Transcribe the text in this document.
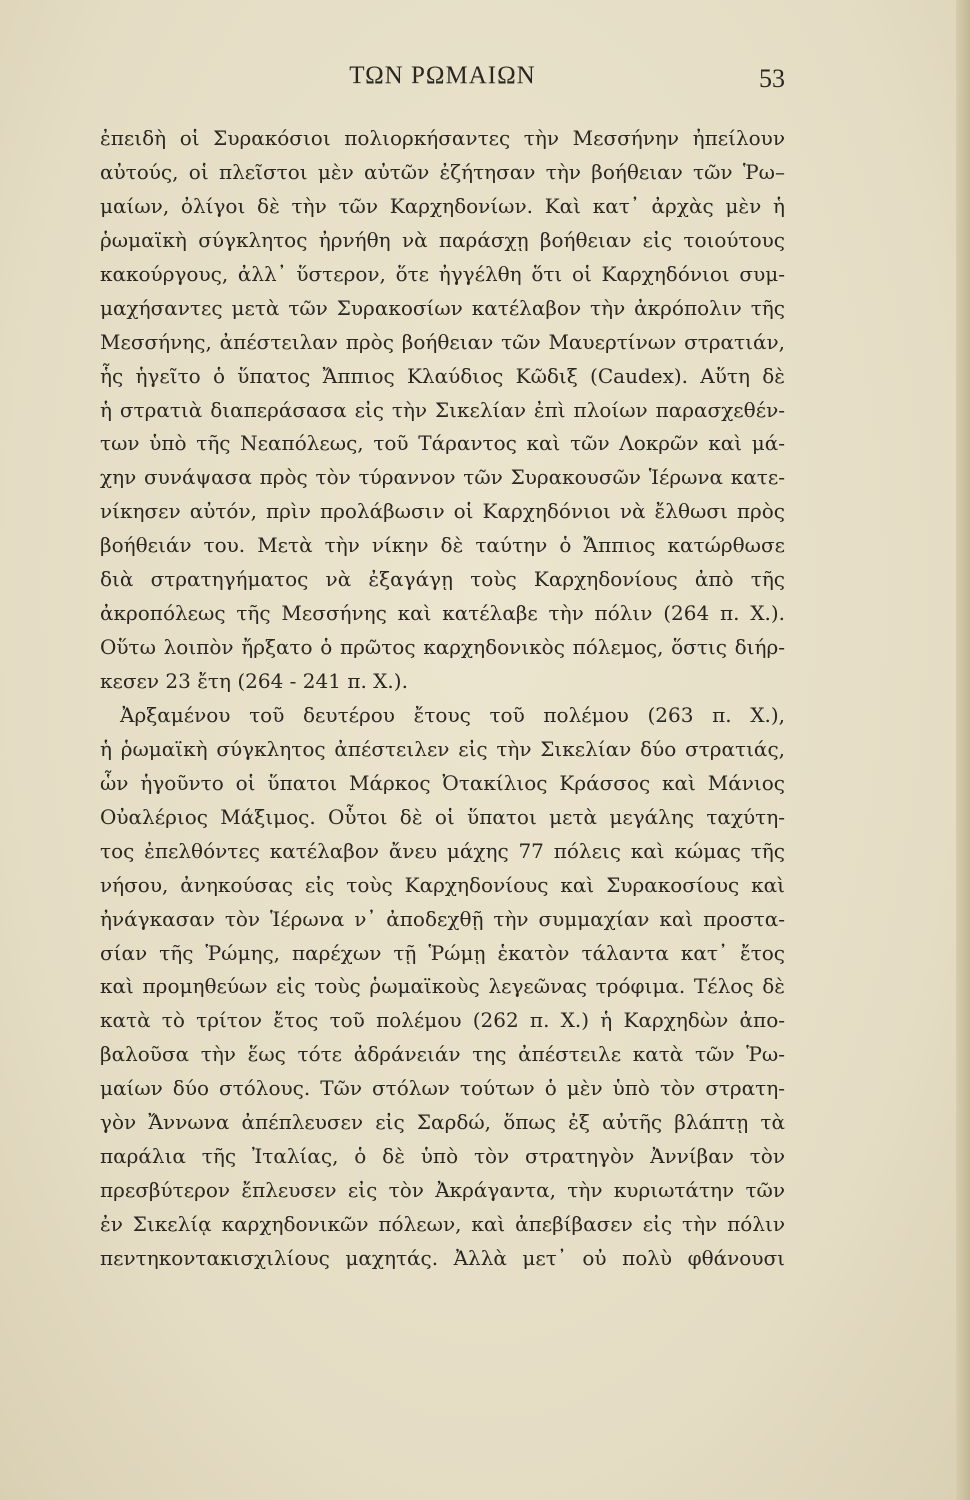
ΤΩΝ ΡΩΜΑΙΩΝ	53
ἐπειδὴ οἱ Συρακόσιοι πολιορκήσαντες τὴν Μεσσήνην ἠπείλουν
αὐτούς, οἱ πλεῖστοι μὲν αὐτῶν ἐζήτησαν τὴν βοήθειαν τῶν Ῥω–
μαίων, ὀλίγοι δὲ τὴν τῶν Καρχηδονίων. Καὶ κατ᾽ ἀρχὰς μὲν ἡ
ῥωμαϊκὴ σύγκλητος ἠρνήθη νὰ παράσχῃ βοήθειαν εἰς τοιούτους
κακούργους, ἀλλ᾽ ὕστερον, ὅτε ἠγγέλθη ὅτι οἱ Καρχηδόνιοι συμ-
μαχήσαντες μετὰ τῶν Συρακοσίων κατέλαβον τὴν ἀκρόπολιν τῆς
Μεσσήνης, ἀπέστειλαν πρὸς βοήθειαν τῶν Μαυερτίνων στρατιάν,
ἧς ἡγεῖτο ὁ ὕπατος Ἄππιος Κλαύδιος Κῶδιξ (Caudex). Αὕτη δὲ
ἡ στρατιὰ διαπεράσασα εἰς τὴν Σικελίαν ἐπὶ πλοίων παρασχεθέν-
των ὑπὸ τῆς Νεαπόλεως, τοῦ Τάραντος καὶ τῶν Λοκρῶν καὶ μά-
χην συνάψασα πρὸς τὸν τύραννον τῶν Συρακουσῶν Ἱέρωνα κατε-
νίκησεν αὐτόν, πρὶν προλάβωσιν οἱ Καρχηδόνιοι νὰ ἔλθωσι πρὸς
βοήθειάν του. Μετὰ τὴν νίκην δὲ ταύτην ὁ Ἄππιος κατώρθωσε
διὰ στρατηγήματος νὰ ἐξαγάγῃ τοὺς Καρχηδονίους ἀπὸ τῆς
ἀκροπόλεως τῆς Μεσσήνης καὶ κατέλαβε τὴν πόλιν (264 π. Χ.).
Οὕτω λοιπὸν ἤρξατο ὁ πρῶτος καρχηδονικὸς πόλεμος, ὅστις διήρ-
κεσεν 23 ἔτη (264 - 241 π. Χ.).
Ἀρξαμένου τοῦ δευτέρου ἔτους τοῦ πολέμου (263 π. Χ.),
ἡ ῥωμαϊκὴ σύγκλητος ἀπέστειλεν εἰς τὴν Σικελίαν δύο στρατιάς,
ὧν ἡγοῦντο οἱ ὕπατοι Μάρκος Ὀτακίλιος Κράσσος καὶ Μάνιος
Οὐαλέριος Μάξιμος. Οὗτοι δὲ οἱ ὕπατοι μετὰ μεγάλης ταχύτη-
τος ἐπελθόντες κατέλαβον ἄνευ μάχης 77 πόλεις καὶ κώμας τῆς
νήσου, ἀνηκούσας εἰς τοὺς Καρχηδονίους καὶ Συρακοσίους καὶ
ἠνάγκασαν τὸν Ἱέρωνα ν᾽ ἀποδεχθῇ τὴν συμμαχίαν καὶ προστα-
σίαν τῆς Ῥώμης, παρέχων τῇ Ῥώμῃ ἑκατὸν τάλαντα κατ᾽ ἔτος
καὶ προμηθεύων εἰς τοὺς ῥωμαϊκοὺς λεγεῶνας τρόφιμα. Τέλος δὲ
κατὰ τὸ τρίτον ἔτος τοῦ πολέμου (262 π. Χ.) ἡ Καρχηδὼν ἀπο-
βαλοῦσα τὴν ἕως τότε ἀδράνειάν της ἀπέστειλε κατὰ τῶν Ῥω-
μαίων δύο στόλους. Τῶν στόλων τούτων ὁ μὲν ὑπὸ τὸν στρατη-
γὸν Ἄννωνα ἀπέπλευσεν εἰς Σαρδώ, ὅπως ἐξ αὐτῆς βλάπτῃ τὰ
παράλια τῆς Ἰταλίας, ὁ δὲ ὑπὸ τὸν στρατηγὸν Ἀννίβαν τὸν
πρεσβύτερον ἔπλευσεν εἰς τὸν Ἀκράγαντα, τὴν κυριωτάτην τῶν
ἐν Σικελίᾳ καρχηδονικῶν πόλεων, καὶ ἀπεβίβασεν εἰς τὴν πόλιν
πεντηκοντακισχιλίους μαχητάς. Ἀλλὰ μετ᾽ οὐ πολὺ φθάνουσι
